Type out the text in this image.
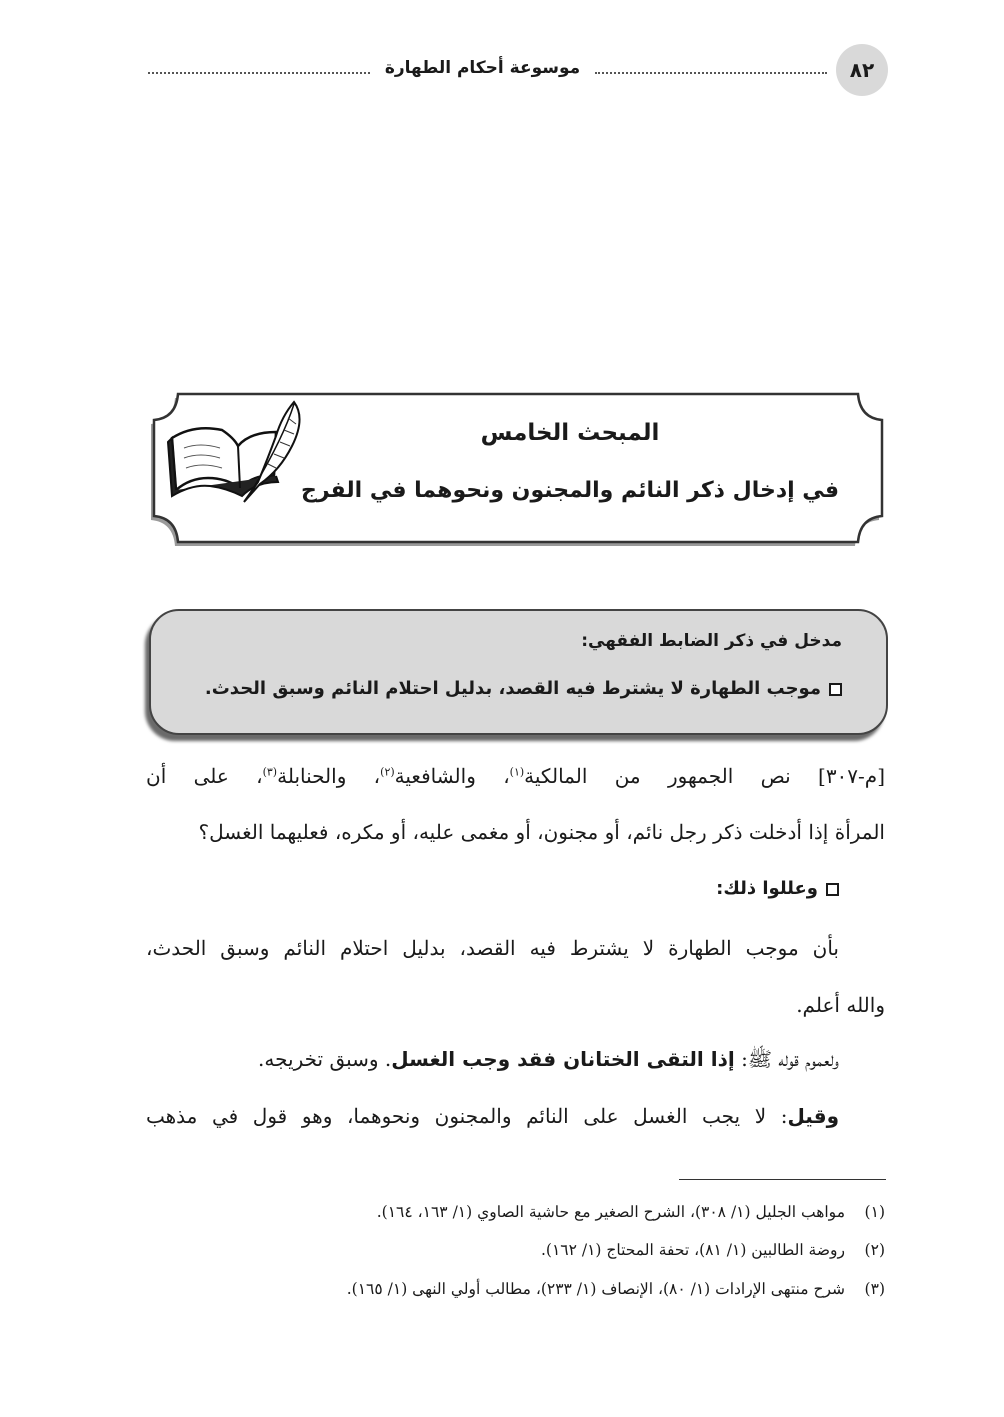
٨٢
موسوعة أحكام الطهارة
المبحث الخامس
في إدخال ذكر النائم والمجنون ونحوهما في الفرج
مدخل في ذكر الضابط الفقهي:
موجب الطهارة لا يشترط فيه القصد، بدليل احتلام النائم وسبق الحدث.
[م-٣٠٧] نص الجمهور من المالكية$^{(١)}$، والشافعية$^{(٢)}$، والحنابلة$^{(٣)}$، على أن
المرأة إذا أدخلت ذكر رجل نائم، أو مجنون، أو مغمى عليه، أو مكره، فعليهما الغسل؟
وعللوا ذلك:
بأن موجب الطهارة لا يشترط فيه القصد، بدليل احتلام النائم وسبق الحدث،
والله أعلم.
ولعموم قوله ﷺ: إذا التقى الختانان فقد وجب الغسل. وسبق تخريجه.
وقيل: لا يجب الغسل على النائم والمجنون ونحوهما، وهو قول في مذهب
(١)مواهب الجليل (١/ ٣٠٨)، الشرح الصغير مع حاشية الصاوي (١/ ١٦٣، ١٦٤).
(٢)روضة الطالبين (١/ ٨١)، تحفة المحتاج (١/ ١٦٢).
(٣)شرح منتهى الإرادات (١/ ٨٠)، الإنصاف (١/ ٢٣٣)، مطالب أولي النهى (١/ ١٦٥).
